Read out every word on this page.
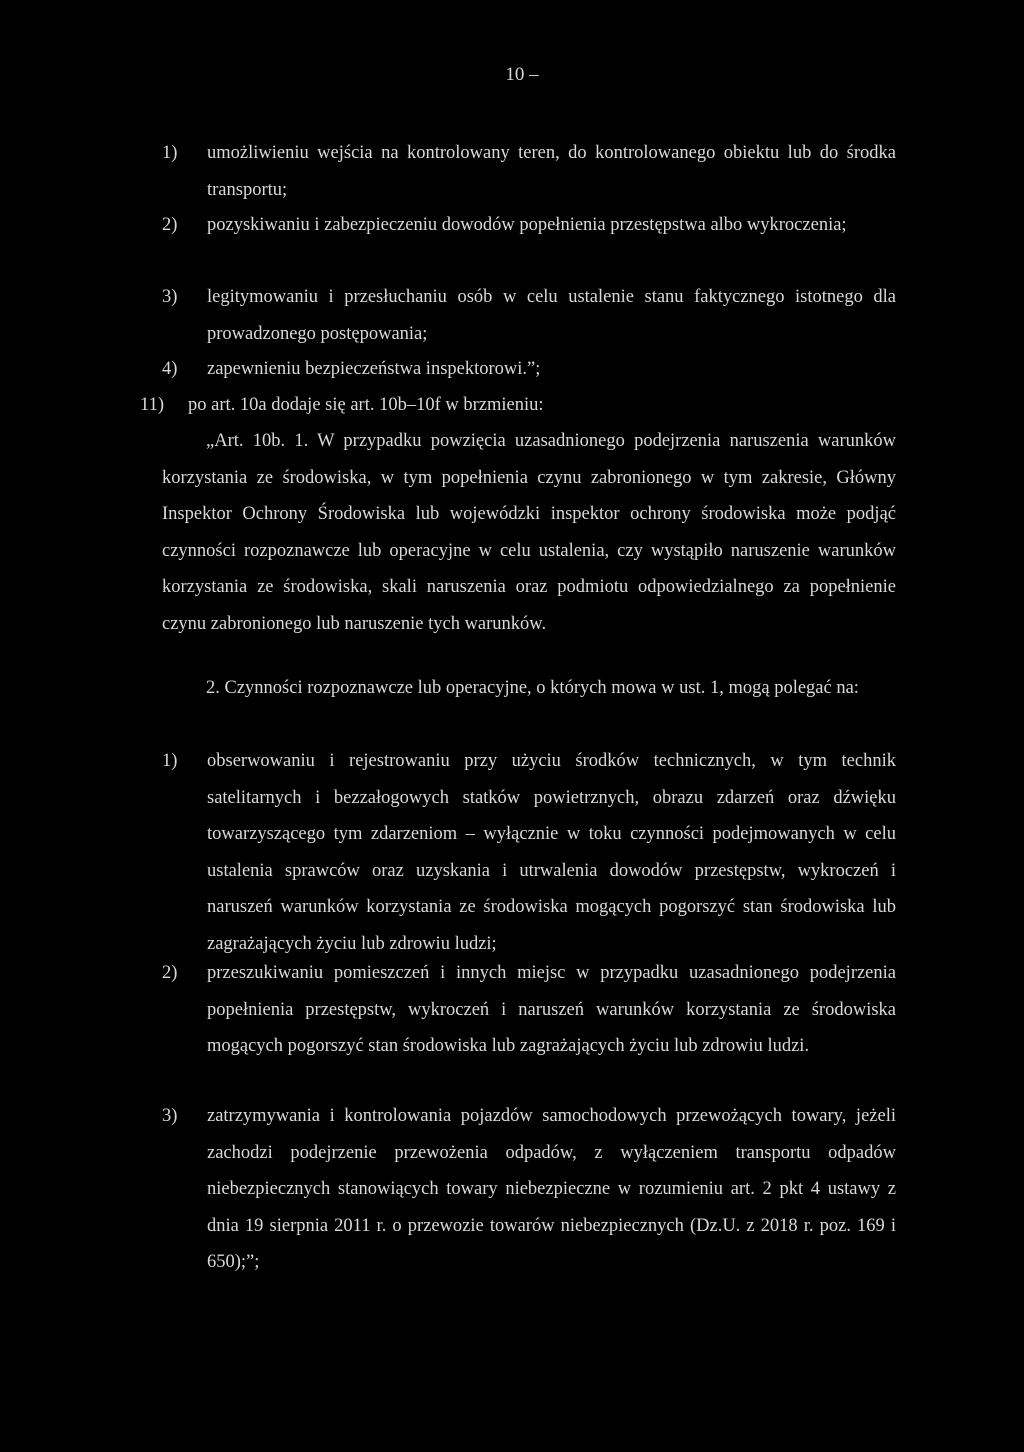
10 –
1) umożliwieniu wejścia na kontrolowany teren, do kontrolowanego obiektu lub do środka transportu;
2) pozyskiwaniu i zabezpieczeniu dowodów popełnienia przestępstwa albo wykroczenia;
3) legitymowaniu i przesłuchaniu osób w celu ustalenie stanu faktycznego istotnego dla prowadzonego postępowania;
4) zapewnieniu bezpieczeństwa inspektorowi.”;
11) po art. 10a dodaje się art. 10b–10f w brzmieniu:
„Art. 10b. 1. W przypadku powzięcia uzasadnionego podejrzenia naruszenia warunków korzystania ze środowiska, w tym popełnienia czynu zabronionego w tym zakresie, Główny Inspektor Ochrony Środowiska lub wojewódzki inspektor ochrony środowiska może podjąć czynności rozpoznawcze lub operacyjne w celu ustalenia, czy wystąpiło naruszenie warunków korzystania ze środowiska, skali naruszenia oraz podmiotu odpowiedzialnego za popełnienie czynu zabronionego lub naruszenie tych warunków.
2. Czynności rozpoznawcze lub operacyjne, o których mowa w ust. 1, mogą polegać na:
1) obserwowaniu i rejestrowaniu przy użyciu środków technicznych, w tym technik satelitarnych i bezzałogowych statków powietrznych, obrazu zdarzeń oraz dźwięku towarzyszącego tym zdarzeniom – wyłącznie w toku czynności podejmowanych w celu ustalenia sprawców oraz uzyskania i utrwalenia dowodów przestępstw, wykroczeń i naruszeń warunków korzystania ze środowiska mogących pogorszyć stan środowiska lub zagrażających życiu lub zdrowiu ludzi;
2) przeszukiwaniu pomieszczeń i innych miejsc w przypadku uzasadnionego podejrzenia popełnienia przestępstw, wykroczeń i naruszeń warunków korzystania ze środowiska mogących pogorszyć stan środowiska lub zagrażających życiu lub zdrowiu ludzi.
3) zatrzymywania i kontrolowania pojazdów samochodowych przewożących towary, jeżeli zachodzi podejrzenie przewożenia odpadów, z wyłączeniem transportu odpadów niebezpiecznych stanowiących towary niebezpieczne w rozumieniu art. 2 pkt 4 ustawy z dnia 19 sierpnia 2011 r. o przewozie towarów niebezpiecznych (Dz.U. z 2018 r. poz. 169 i 650);”;
